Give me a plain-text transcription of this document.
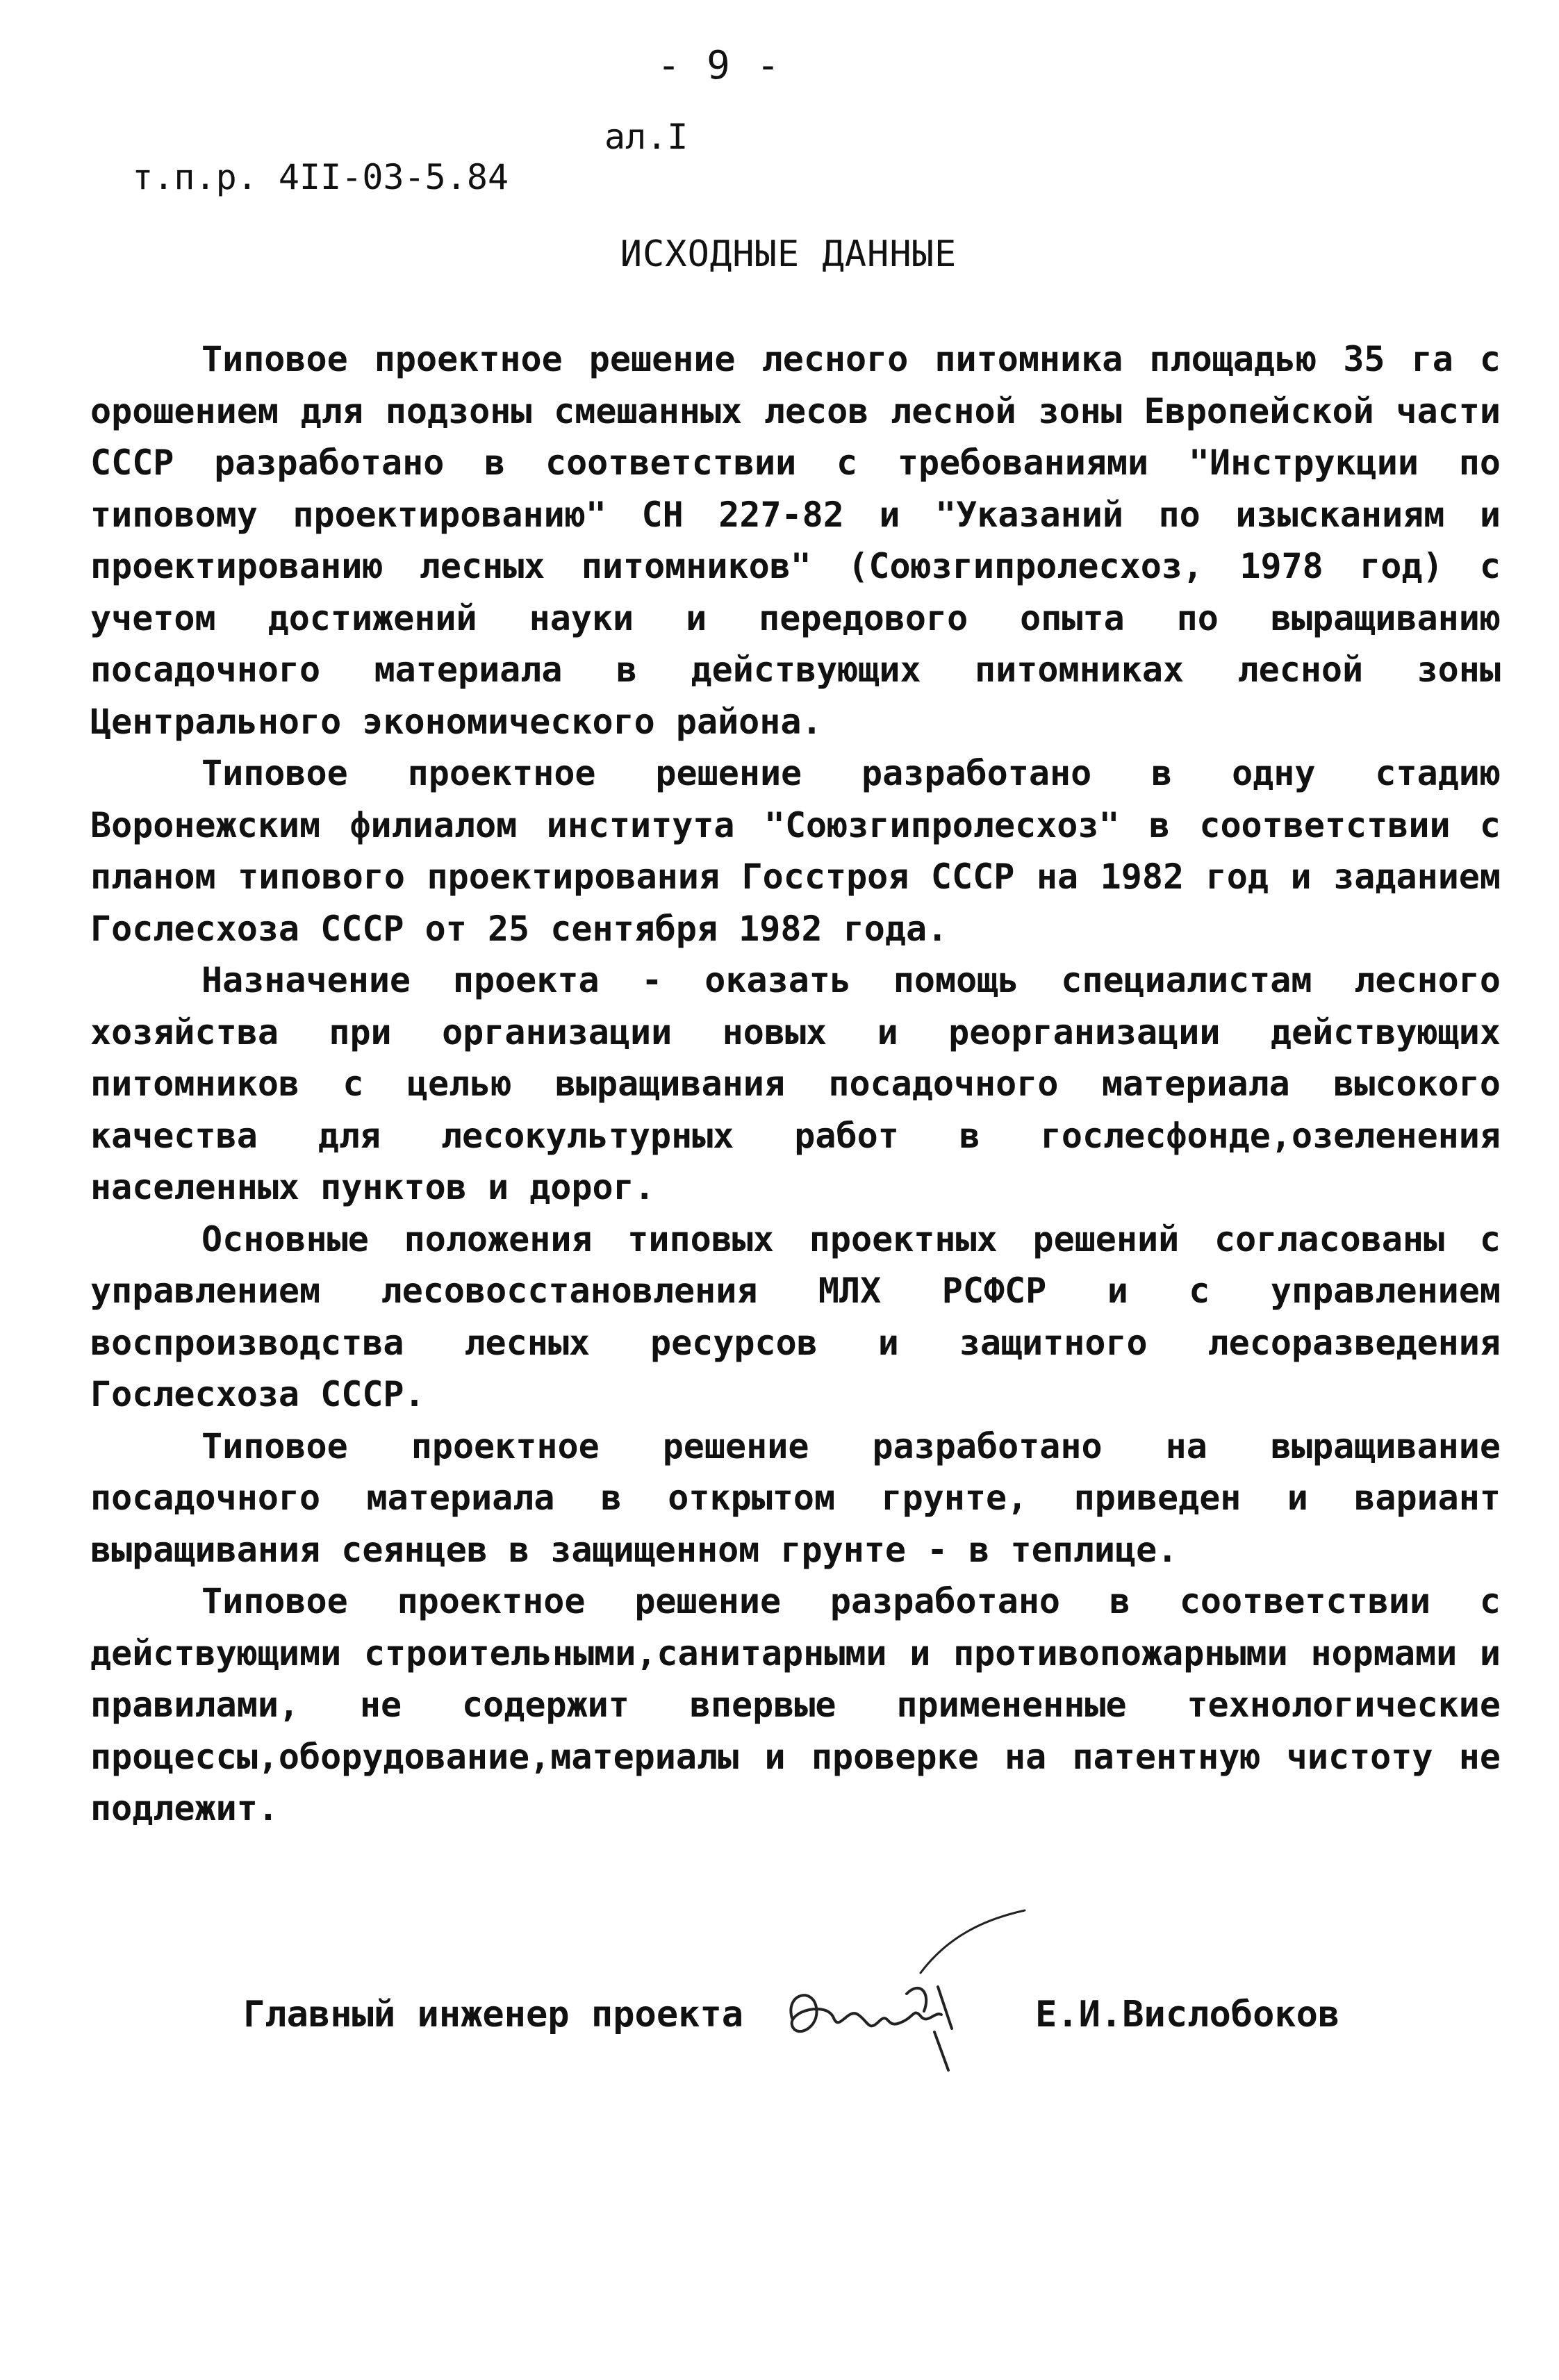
- 9 -

т.п.р. 4II-03-5.84

ал.I

ИСХОДНЫЕ ДАННЫЕ

Типовое проектное решение лесного питомника площадью 35 га с орошением для подзоны смешанных лесов лесной зоны Европейской части СССР разработано в соответствии с требованиями "Инструкции по типовому проектированию" СН 227-82 и "Указаний по изысканиям и проектированию лесных питомников" (Союзгипролесхоз, 1978 год) с учетом достижений науки и передового опыта по выращиванию посадочного материала в действующих питомниках лесной зоны Центрального экономического района.

Типовое проектное решение разработано в одну стадию Воронежским филиалом института "Союзгипролесхоз" в соответствии с планом типового проектирования Госстроя СССР на 1982 год и заданием Гослесхоза СССР от 25 сентября 1982 года.

Назначение проекта - оказать помощь специалистам лесного хозяйства при организации новых и реорганизации действующих питомников с целью выращивания посадочного материала высокого качества для лесокультурных работ в гослесфонде,озеленения населенных пунктов и дорог.

Основные положения типовых проектных решений согласованы с управлением лесовосстановления МЛХ РСФСР и с управлением воспроизводства лесных ресурсов и защитного лесоразведения Гослесхоза СССР.

Типовое проектное решение разработано на выращивание посадочного материала в открытом грунте, приведен и вариант выращивания сеянцев в защищенном грунте - в теплице.

Типовое проектное решение разработано в соответствии с действующими строительными,санитарными и противопожарными нормами и правилами, не содержит впервые примененные технологические процессы,оборудование,материалы и проверке на патентную чистоту не подлежит.

Главный инженер проекта	Е.И.Вислобоков
